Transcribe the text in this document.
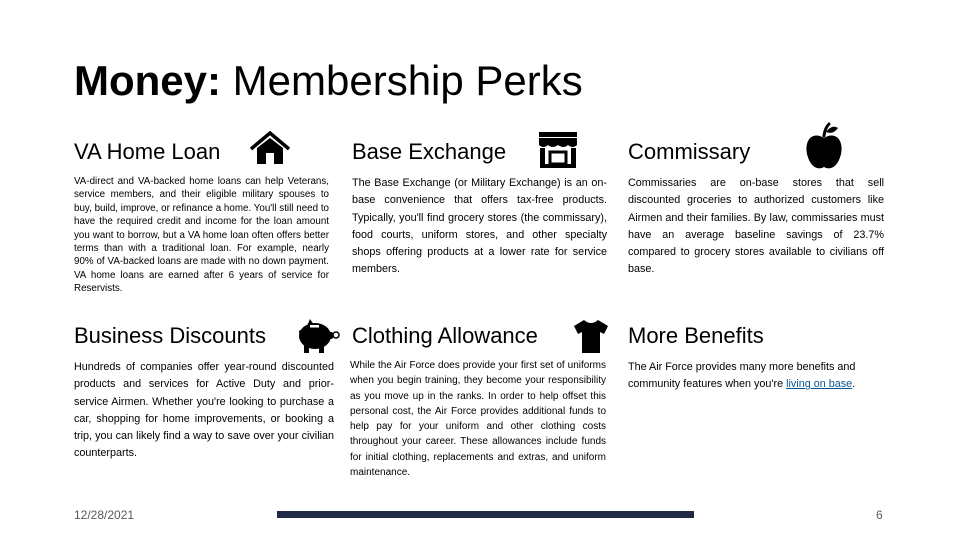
Money: Membership Perks
VA Home Loan
VA-direct and VA-backed home loans can help Veterans, service members, and their eligible military spouses to buy, build, improve, or refinance a home. You'll still need to have the required credit and income for the loan amount you want to borrow, but a VA home loan often offers better terms than with a traditional loan. For example, nearly 90% of VA-backed loans are made with no down payment. VA home loans are earned after 6 years of service for Reservists.
Base Exchange
The Base Exchange (or Military Exchange) is an on-base convenience that offers tax-free products. Typically, you'll find grocery stores (the commissary), food courts, uniform stores, and other specialty shops offering products at a lower rate for service members.
Commissary
Commissaries are on-base stores that sell discounted groceries to authorized customers like Airmen and their families. By law, commissaries must have an average baseline savings of 23.7% compared to grocery stores available to civilians off base.
Business Discounts
Hundreds of companies offer year-round discounted products and services for Active Duty and prior-service Airmen. Whether you're looking to purchase a car, shopping for home improvements, or booking a trip, you can likely find a way to save over your civilian counterparts.
Clothing Allowance
While the Air Force does provide your first set of uniforms when you begin training, they become your responsibility as you move up in the ranks. In order to help offset this personal cost, the Air Force provides additional funds to help pay for your uniform and other clothing costs throughout your career. These allowances include funds for initial clothing, replacements and extras, and uniform maintenance.
More Benefits
The Air Force provides many more benefits and community features when you're living on base.
12/28/2021	6
